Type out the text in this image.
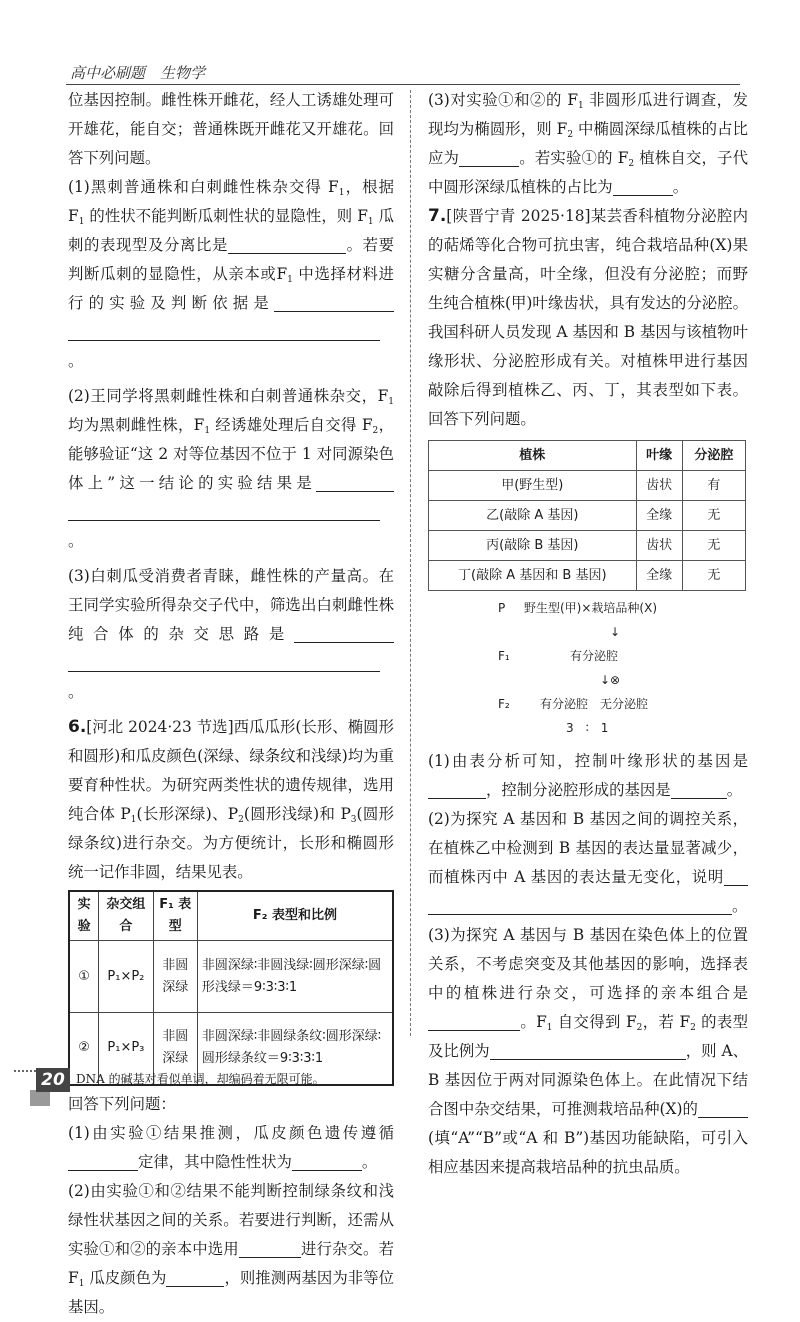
高中必刷题　生物学

位基因控制。雌性株开雌花，经人工诱雄处理可开雄花，能自交；普通株既开雌花又开雄花。回答下列问题。

(1)黑刺普通株和白刺雌性株杂交得 $F_1$，根据 $F_1$ 的性状不能判断瓜刺性状的显隐性，则 $F_1$ 瓜刺的表现型及分离比是	。若要判断瓜刺的显隐性，从亲本或$F_1$ 中选择材料进行的实验及判断依据是。

(2)王同学将黑刺雌性株和白刺普通株杂交，$F_1$ 均为黑刺雌性株，$F_1$ 经诱雄处理后自交得 $F_2$，能够验证“这 2 对等位基因不位于 1 对同源染色体上”这一结论的实验结果是。

(3)白刺瓜受消费者青睐，雌性株的产量高。在王同学实验所得杂交子代中，筛选出白刺雌性株纯合体的杂交思路是。

6.[河北 2024·23 节选]西瓜瓜形(长形、椭圆形和圆形)和瓜皮颜色(深绿、绿条纹和浅绿)均为重要育种性状。为研究两类性状的遗传规律，选用纯合体 $P_1$(长形深绿)、$P_2$(圆形浅绿)和 $P_3$(圆形绿条纹)进行杂交。为方便统计，长形和椭圆形统一记作非圆，结果见表。

实验	杂交组合	F₁ 表型	F₂ 表型和比例
①	P₁×P₂	非圆深绿	非圆深绿∶非圆浅绿∶圆形深绿∶圆形浅绿＝9∶3∶3∶1
②	P₁×P₃	非圆深绿	非圆深绿∶非圆绿条纹∶圆形深绿∶圆形绿条纹＝9∶3∶3∶1

回答下列问题：

(1)由实验①结果推测，瓜皮颜色遗传遵循定律，其中隐性性状为	。

(2)由实验①和②结果不能判断控制绿条纹和浅绿性状基因之间的关系。若要进行判断，还需从实验①和②的亲本中选用	进行杂交。若$F_1$ 瓜皮颜色为	，则推测两基因为非等位基因。

(3)对实验①和②的 $F_1$ 非圆形瓜进行调查，发现均为椭圆形，则 $F_2$ 中椭圆深绿瓜植株的占比应为	。若实验①的 $F_2$ 植株自交，子代中圆形深绿瓜植株的占比为	。

7.[陕晋宁青 2025·18]某芸香科植物分泌腔内的萜烯等化合物可抗虫害，纯合栽培品种(X)果实糖分含量高，叶全缘，但没有分泌腔；而野生纯合植株(甲)叶缘齿状，具有发达的分泌腔。我国科研人员发现 A 基因和 B 基因与该植物叶缘形状、分泌腔形成有关。对植株甲进行基因敲除后得到植株乙、丙、丁，其表型如下表。回答下列问题。

植株	叶缘	分泌腔
甲(野生型)	齿状	有
乙(敲除 A 基因)	全缘	无
丙(敲除 B 基因)	齿状	无
丁(敲除 A 基因和 B 基因)	全缘	无
P 野生型(甲)×栽培品种(X)
↓
F₁	有分泌腔
↓⊗
F₂	有分泌腔　无分泌腔
3　∶　1

(1)由表分析可知，控制叶缘形状的基因是，控制分泌腔形成的基因是	。

(2)为探究 A 基因和 B 基因之间的调控关系，在植株乙中检测到 B 基因的表达量显著减少，而植株丙中 A 基因的表达量无变化，说明。

(3)为探究 A 基因与 B 基因在染色体上的位置关系，不考虑突变及其他基因的影响，选择表中的植株进行杂交，可选择的亲本组合是。$F_1$ 自交得到 $F_2$，若 $F_2$ 的表型及比例为	，则 A、B 基因位于两对同源染色体上。在此情况下结合图中杂交结果，可推测栽培品种(X)的(填“A”“B”或“A 和 B”)基因功能缺陷，可引入相应基因来提高栽培品种的抗虫品质。

20 DNA 的碱基对看似单调，却编码着无限可能。
